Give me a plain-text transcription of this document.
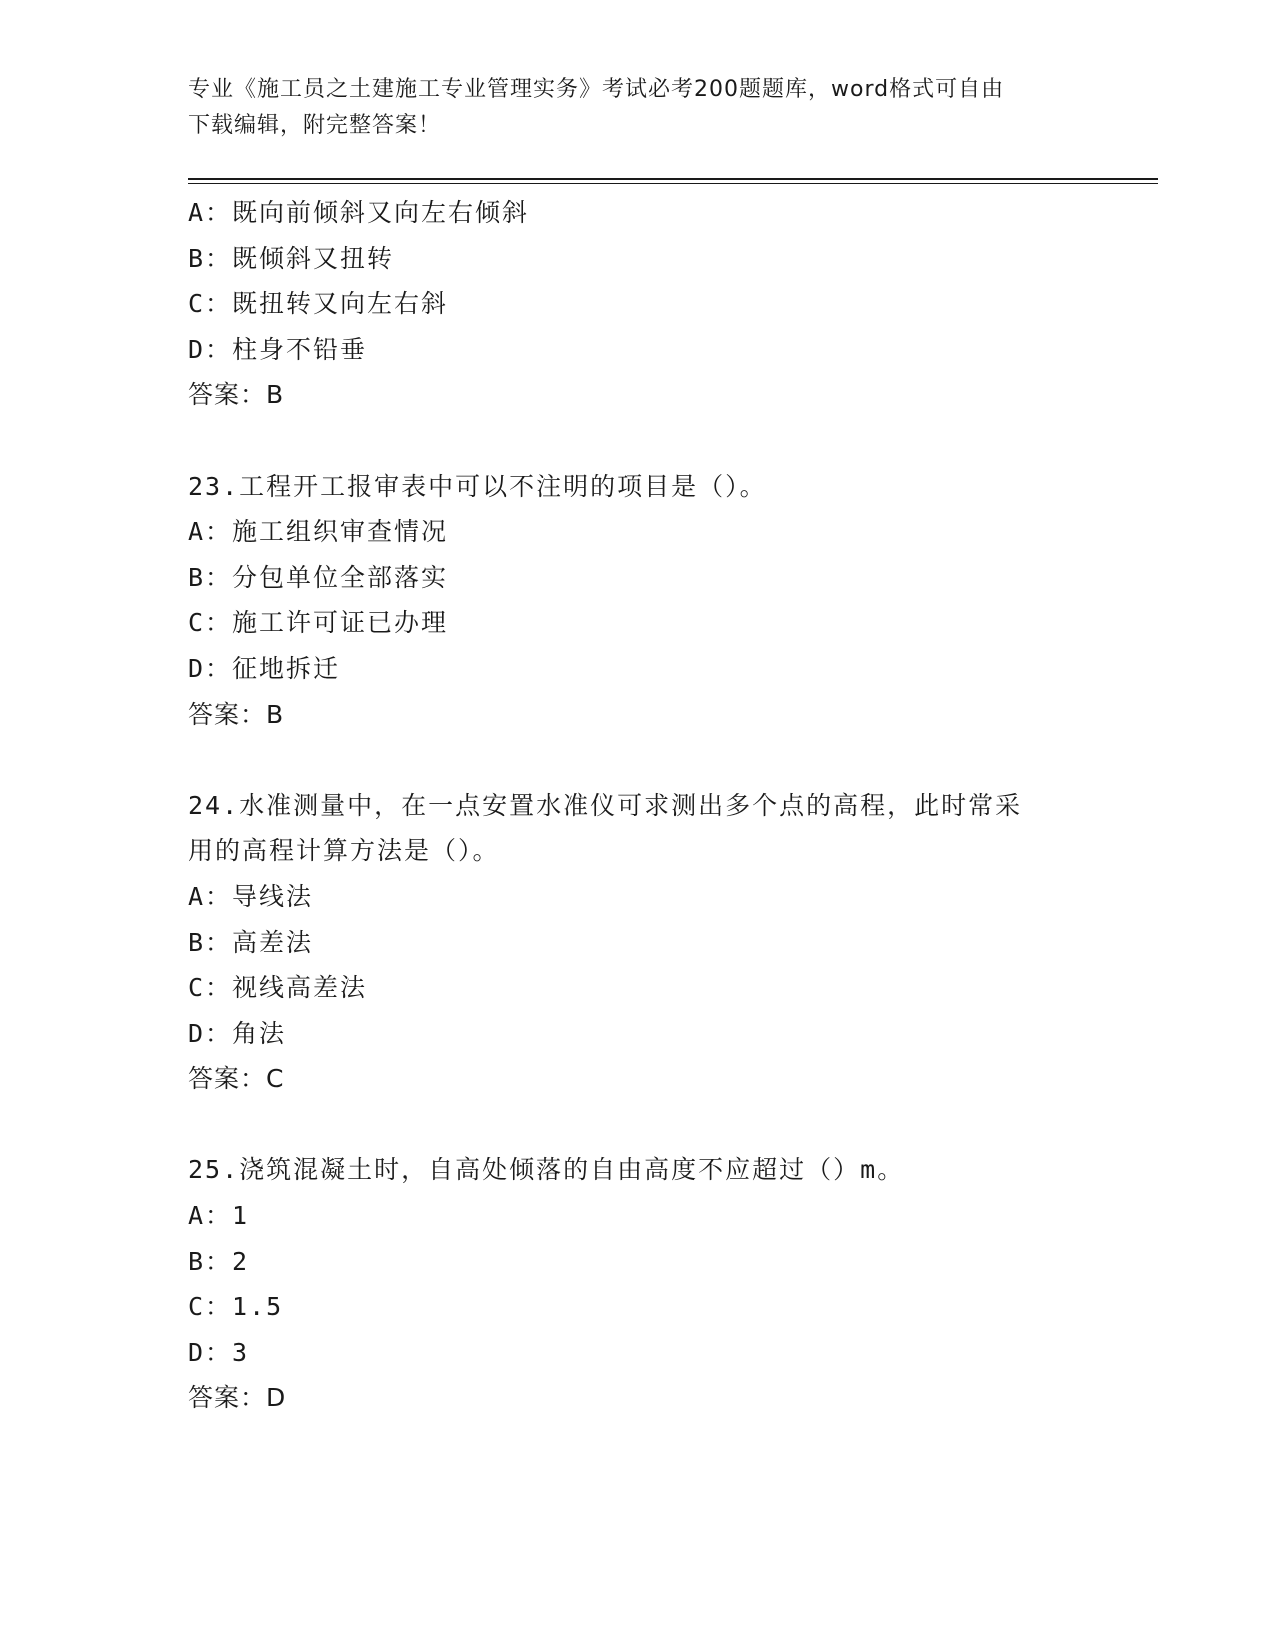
专业《施工员之土建施工专业管理实务》考试必考200题题库，word格式可自由
下载编辑，附完整答案！
A：既向前倾斜又向左右倾斜
B：既倾斜又扭转
C：既扭转又向左右斜
D：柱身不铅垂
答案：B
23.工程开工报审表中可以不注明的项目是（）。
A：施工组织审查情况
B：分包单位全部落实
C：施工许可证已办理
D：征地拆迁
答案：B
24.水准测量中，在一点安置水准仪可求测出多个点的高程，此时常采
用的高程计算方法是（）。
A：导线法
B：高差法
C：视线高差法
D：角法
答案：C
25.浇筑混凝土时，自高处倾落的自由高度不应超过（）m。
A：1
B：2
C：1.5
D：3
答案：D
